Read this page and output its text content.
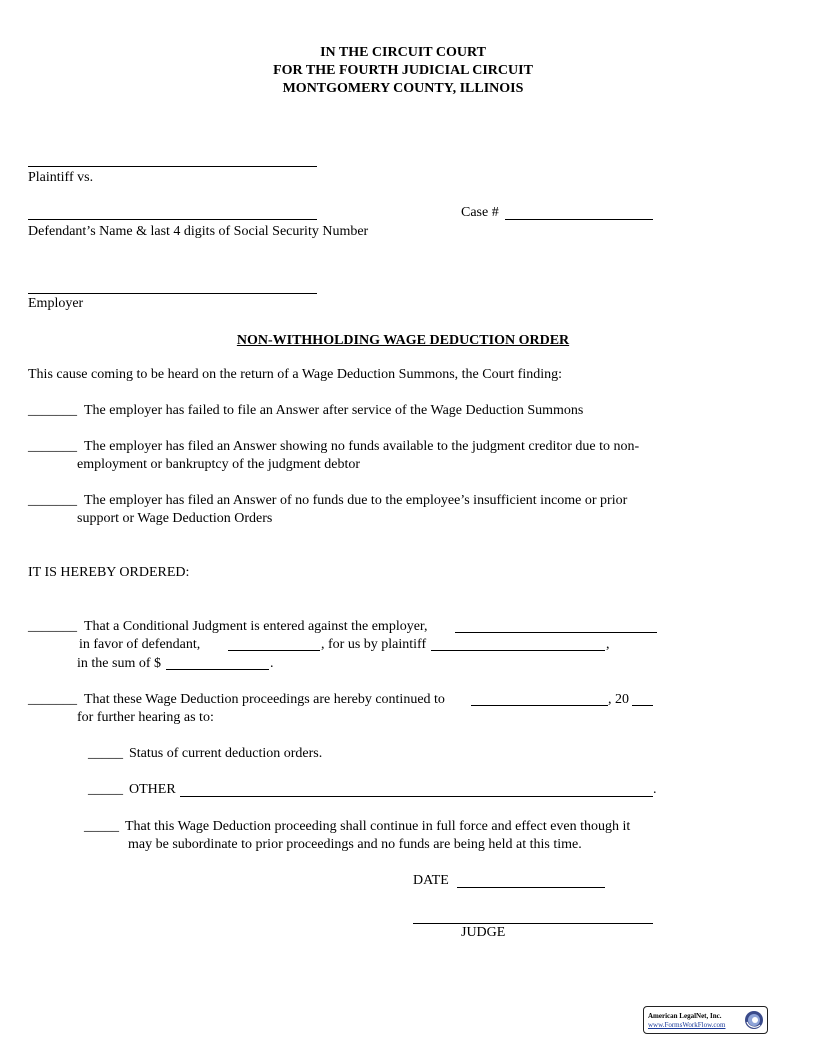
IN THE CIRCUIT COURT
FOR THE FOURTH JUDICIAL CIRCUIT
MONTGOMERY COUNTY, ILLINOIS
Plaintiff vs.
Case #
Defendant’s Name & last 4 digits of Social Security Number
Employer
NON-WITHHOLDING WAGE DEDUCTION ORDER
This cause coming to be heard on the return of a Wage Deduction Summons, the Court finding:
_______ The employer has failed to file an Answer after service of the Wage Deduction Summons
_______ The employer has filed an Answer showing no funds available to the judgment creditor due to non-
employment or bankruptcy of the judgment debtor
_______ The employer has filed an Answer of no funds due to the employee’s insufficient income or prior
support or Wage Deduction Orders
IT IS HEREBY ORDERED:
_______ That a Conditional Judgment is entered against the employer,
in favor of defendant,	, for us by plaintiff	,
in the sum of $	.
_______ That these Wage Deduction proceedings are hereby continued to	, 20
for further hearing as to:
_____ Status of current deduction orders.
_____ OTHER	.
_____ That this Wage Deduction proceeding shall continue in full force and effect even though it
may be subordinate to prior proceedings and no funds are being held at this time.
DATE
JUDGE
American LegalNet, Inc.
www.FormsWorkFlow.com
